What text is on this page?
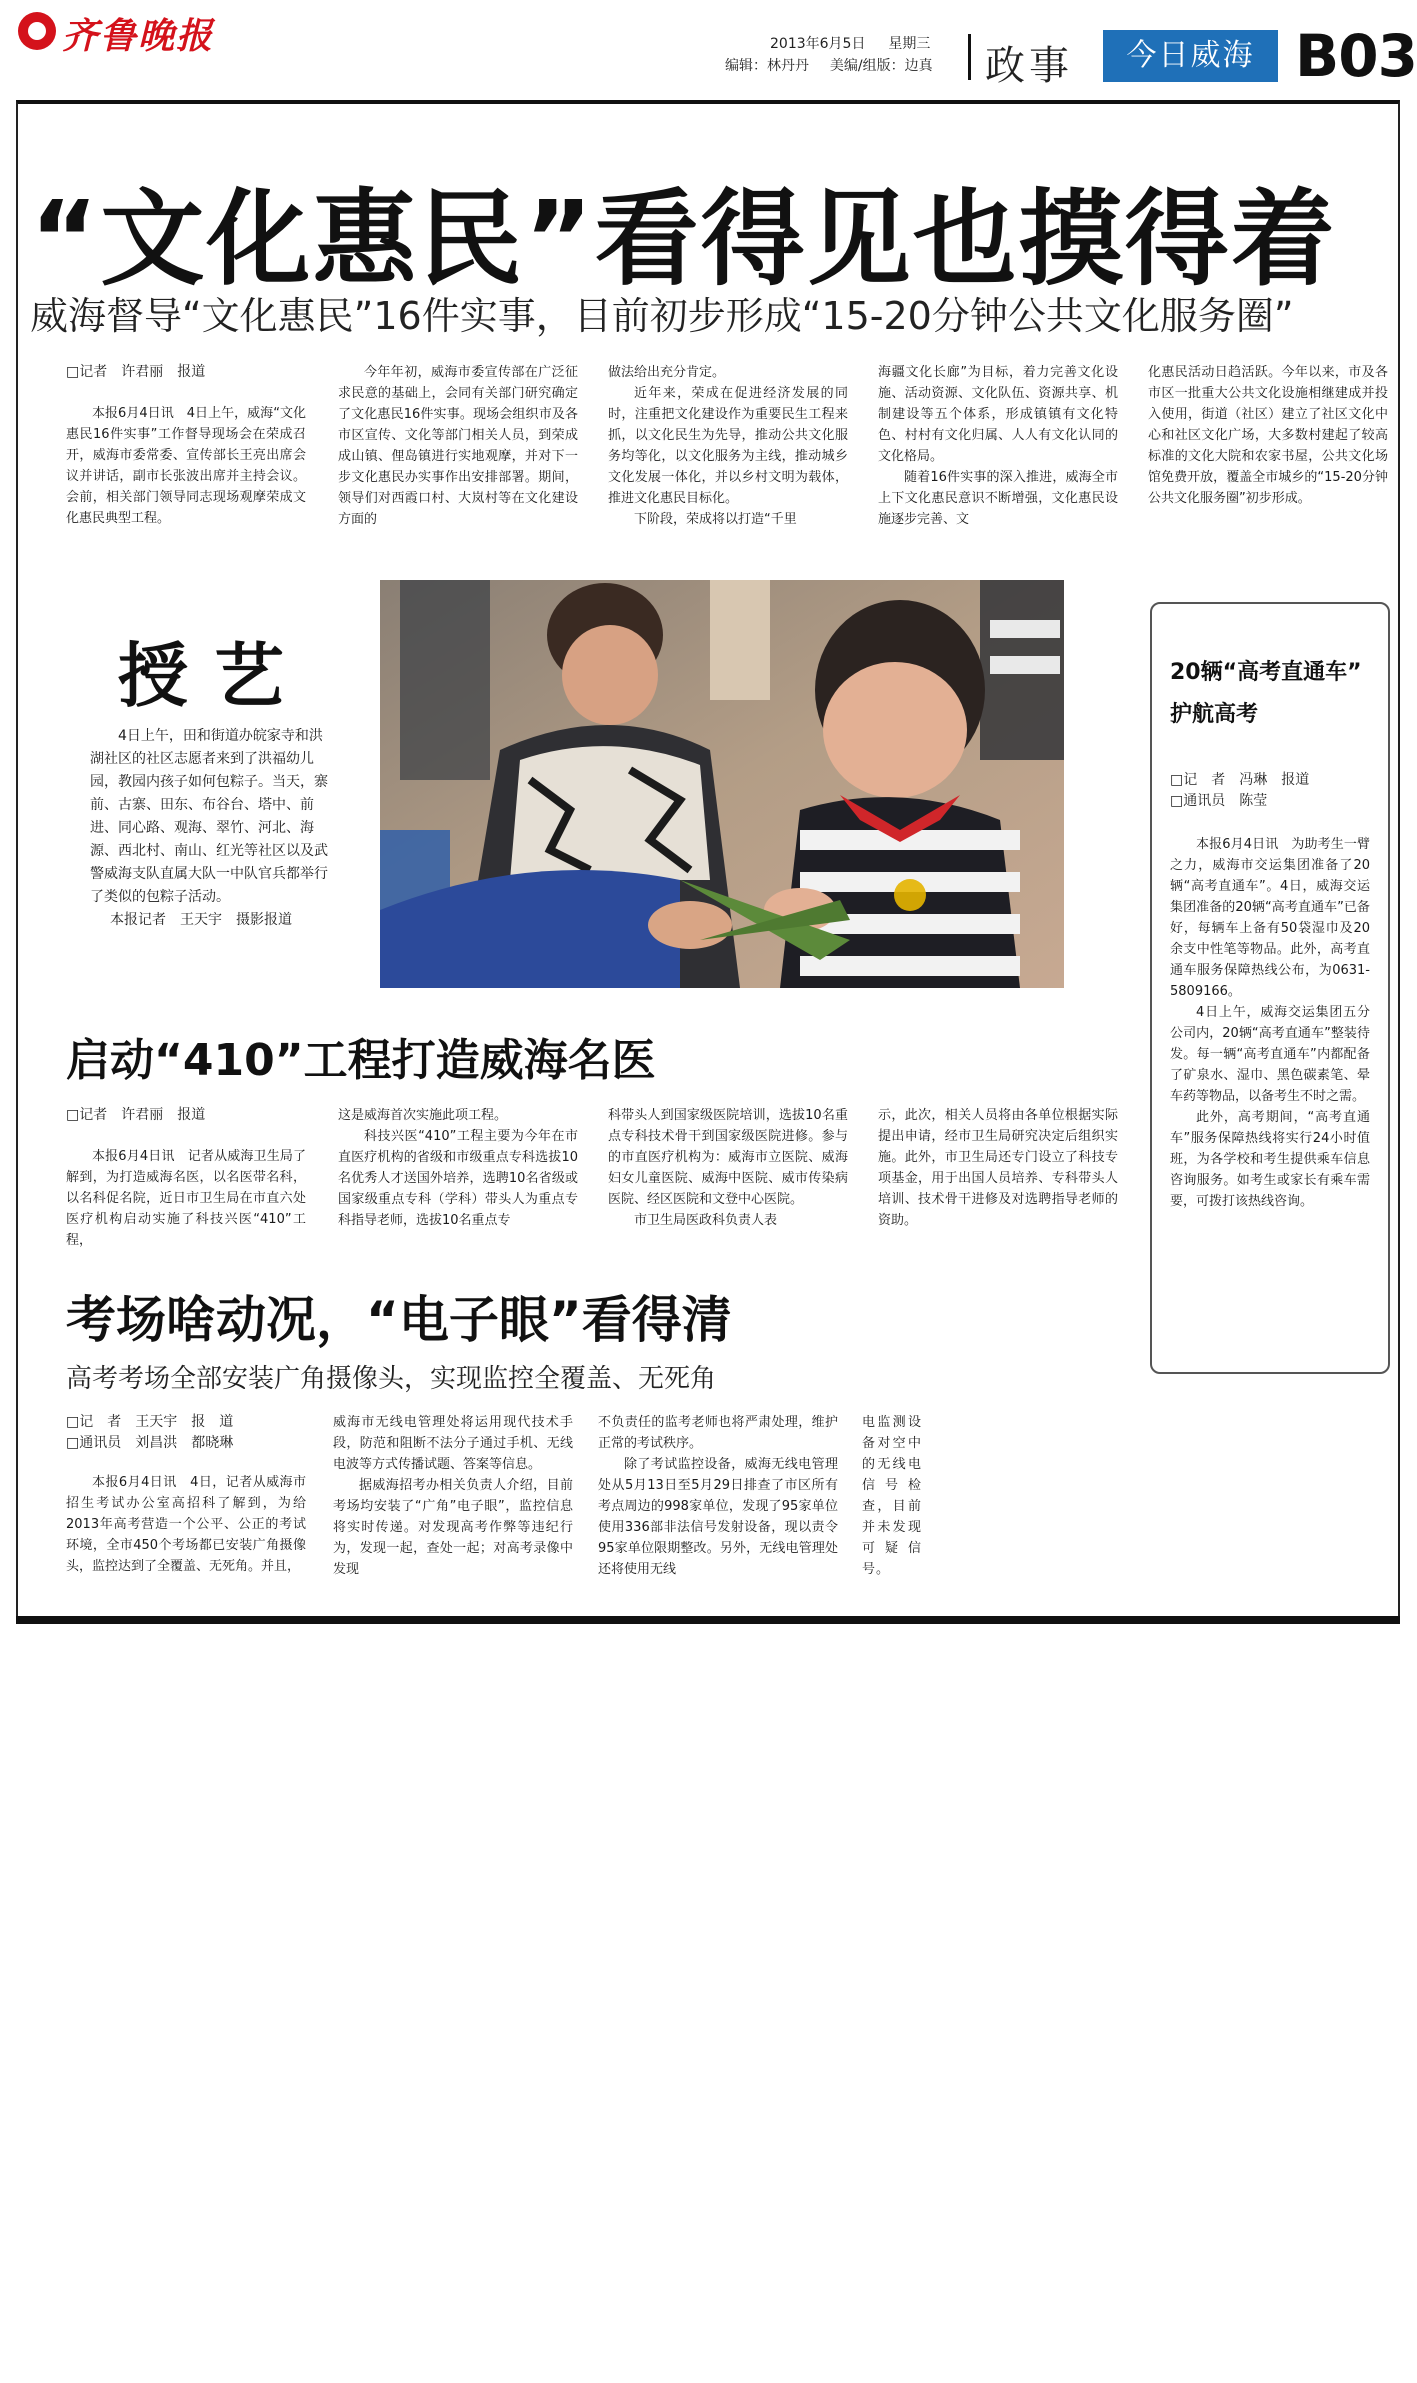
齐鲁晚报	2013年6月5日 星期三
编辑：林丹丹 美编/组版：边真 政事	今日威海 B03
“文化惠民”看得见也摸得着
威海督导“文化惠民”16件实事，目前初步形成“15-20分钟公共文化服务圈”
□记者　许君丽　报道

本报6月4日讯　4日上午，威海“文化惠民16件实事”工作督导现场会在荣成召开，威海市委常委、宣传部长王亮出席会议并讲话，副市长张波出席并主持会议。会前，相关部门领导同志现场观摩荣成文化惠民典型工程。

今年年初，威海市委宣传部在广泛征求民意的基础上，会同有关部门研究确定了文化惠民16件实事。现场会组织市及各市区宣传、文化等部门相关人员，到荣成成山镇、俚岛镇进行实地观摩，并对下一步文化惠民办实事作出安排部署。期间，领导们对西霞口村、大岚村等在文化建设方面的

做法给出充分肯定。

近年来，荣成在促进经济发展的同时，注重把文化建设作为重要民生工程来抓，以文化民生为先导，推动公共文化服务均等化，以文化服务为主线，推动城乡文化发展一体化，并以乡村文明为载体，推进文化惠民目标化。

下阶段，荣成将以打造“千里

海疆文化长廊”为目标，着力完善文化设施、活动资源、文化队伍、资源共享、机制建设等五个体系，形成镇镇有文化特色、村村有文化归属、人人有文化认同的文化格局。

随着16件实事的深入推进，威海全市上下文化惠民意识不断增强，文化惠民设施逐步完善、文

化惠民活动日趋活跃。今年以来，市及各市区一批重大公共文化设施相继建成并投入使用，街道（社区）建立了社区文化中心和社区文化广场，大多数村建起了较高标准的文化大院和农家书屋，公共文化场馆免费开放，覆盖全市城乡的“15-20分钟公共文化服务圈”初步形成。

授艺

4日上午，田和街道办皖家寺和洪湖社区的社区志愿者来到了洪福幼儿园，教园内孩子如何包粽子。当天，寨前、古寨、田东、布谷台、塔中、前进、同心路、观海、翠竹、河北、海源、西北村、南山、红光等社区以及武警威海支队直属大队一中队官兵都举行了类似的包粽子活动。

本报记者　王天宇　摄影报道

20辆“高考直通车”
护航高考
□记　者　冯琳　报道
□通讯员　陈莹

本报6月4日讯　为助考生一臂之力，威海市交运集团准备了20辆“高考直通车”。4日，威海交运集团准备的20辆“高考直通车”已备好，每辆车上备有50袋湿巾及20余支中性笔等物品。此外，高考直通车服务保障热线公布，为0631-5809166。

4日上午，威海交运集团五分公司内，20辆“高考直通车”整装待发。每一辆“高考直通车”内都配备了矿泉水、湿巾、黑色碳素笔、晕车药等物品，以备考生不时之需。

此外，高考期间，“高考直通车”服务保障热线将实行24小时值班，为各学校和考生提供乘车信息咨询服务。如考生或家长有乘车需要，可拨打该热线咨询。

启动“410”工程打造威海名医
□记者　许君丽　报道

本报6月4日讯　记者从威海卫生局了解到，为打造威海名医，以名医带名科，以名科促名院，近日市卫生局在市直六处医疗机构启动实施了科技兴医“410”工程，

这是威海首次实施此项工程。

科技兴医“410”工程主要为今年在市直医疗机构的省级和市级重点专科选拔10名优秀人才送国外培养，选聘10名省级或国家级重点专科（学科）带头人为重点专科指导老师，选拔10名重点专

科带头人到国家级医院培训，选拔10名重点专科技术骨干到国家级医院进修。参与的市直医疗机构为：威海市立医院、威海妇女儿童医院、威海中医院、威市传染病医院、经区医院和文登中心医院。

市卫生局医政科负责人表

示，此次，相关人员将由各单位根据实际提出申请，经市卫生局研究决定后组织实施。此外，市卫生局还专门设立了科技专项基金，用于出国人员培养、专科带头人培训、技术骨干进修及对选聘指导老师的资助。

考场啥动况，“电子眼”看得清
高考考场全部安装广角摄像头，实现监控全覆盖、无死角
□记　者　王天宇　报　道
□通讯员　刘昌洪　都晓琳

本报6月4日讯　4日，记者从威海市招生考试办公室高招科了解到，为给2013年高考营造一个公平、公正的考试环境，全市450个考场都已安装广角摄像头，监控达到了全覆盖、无死角。并且，

威海市无线电管理处将运用现代技术手段，防范和阻断不法分子通过手机、无线电波等方式传播试题、答案等信息。

据威海招考办相关负责人介绍，目前考场均安装了“广角”电子眼”，监控信息将实时传递。对发现高考作弊等违纪行为，发现一起，查处一起；对高考录像中发现

不负责任的监考老师也将严肃处理，维护正常的考试秩序。

除了考试监控设备，威海无线电管理处从5月13日至5月29日排查了市区所有考点周边的998家单位，发现了95家单位使用336部非法信号发射设备，现以责令95家单位限期整改。另外，无线电管理处还将使用无线

电监测设备对空中的无线电信号检查，目前并未发现可疑信号。
